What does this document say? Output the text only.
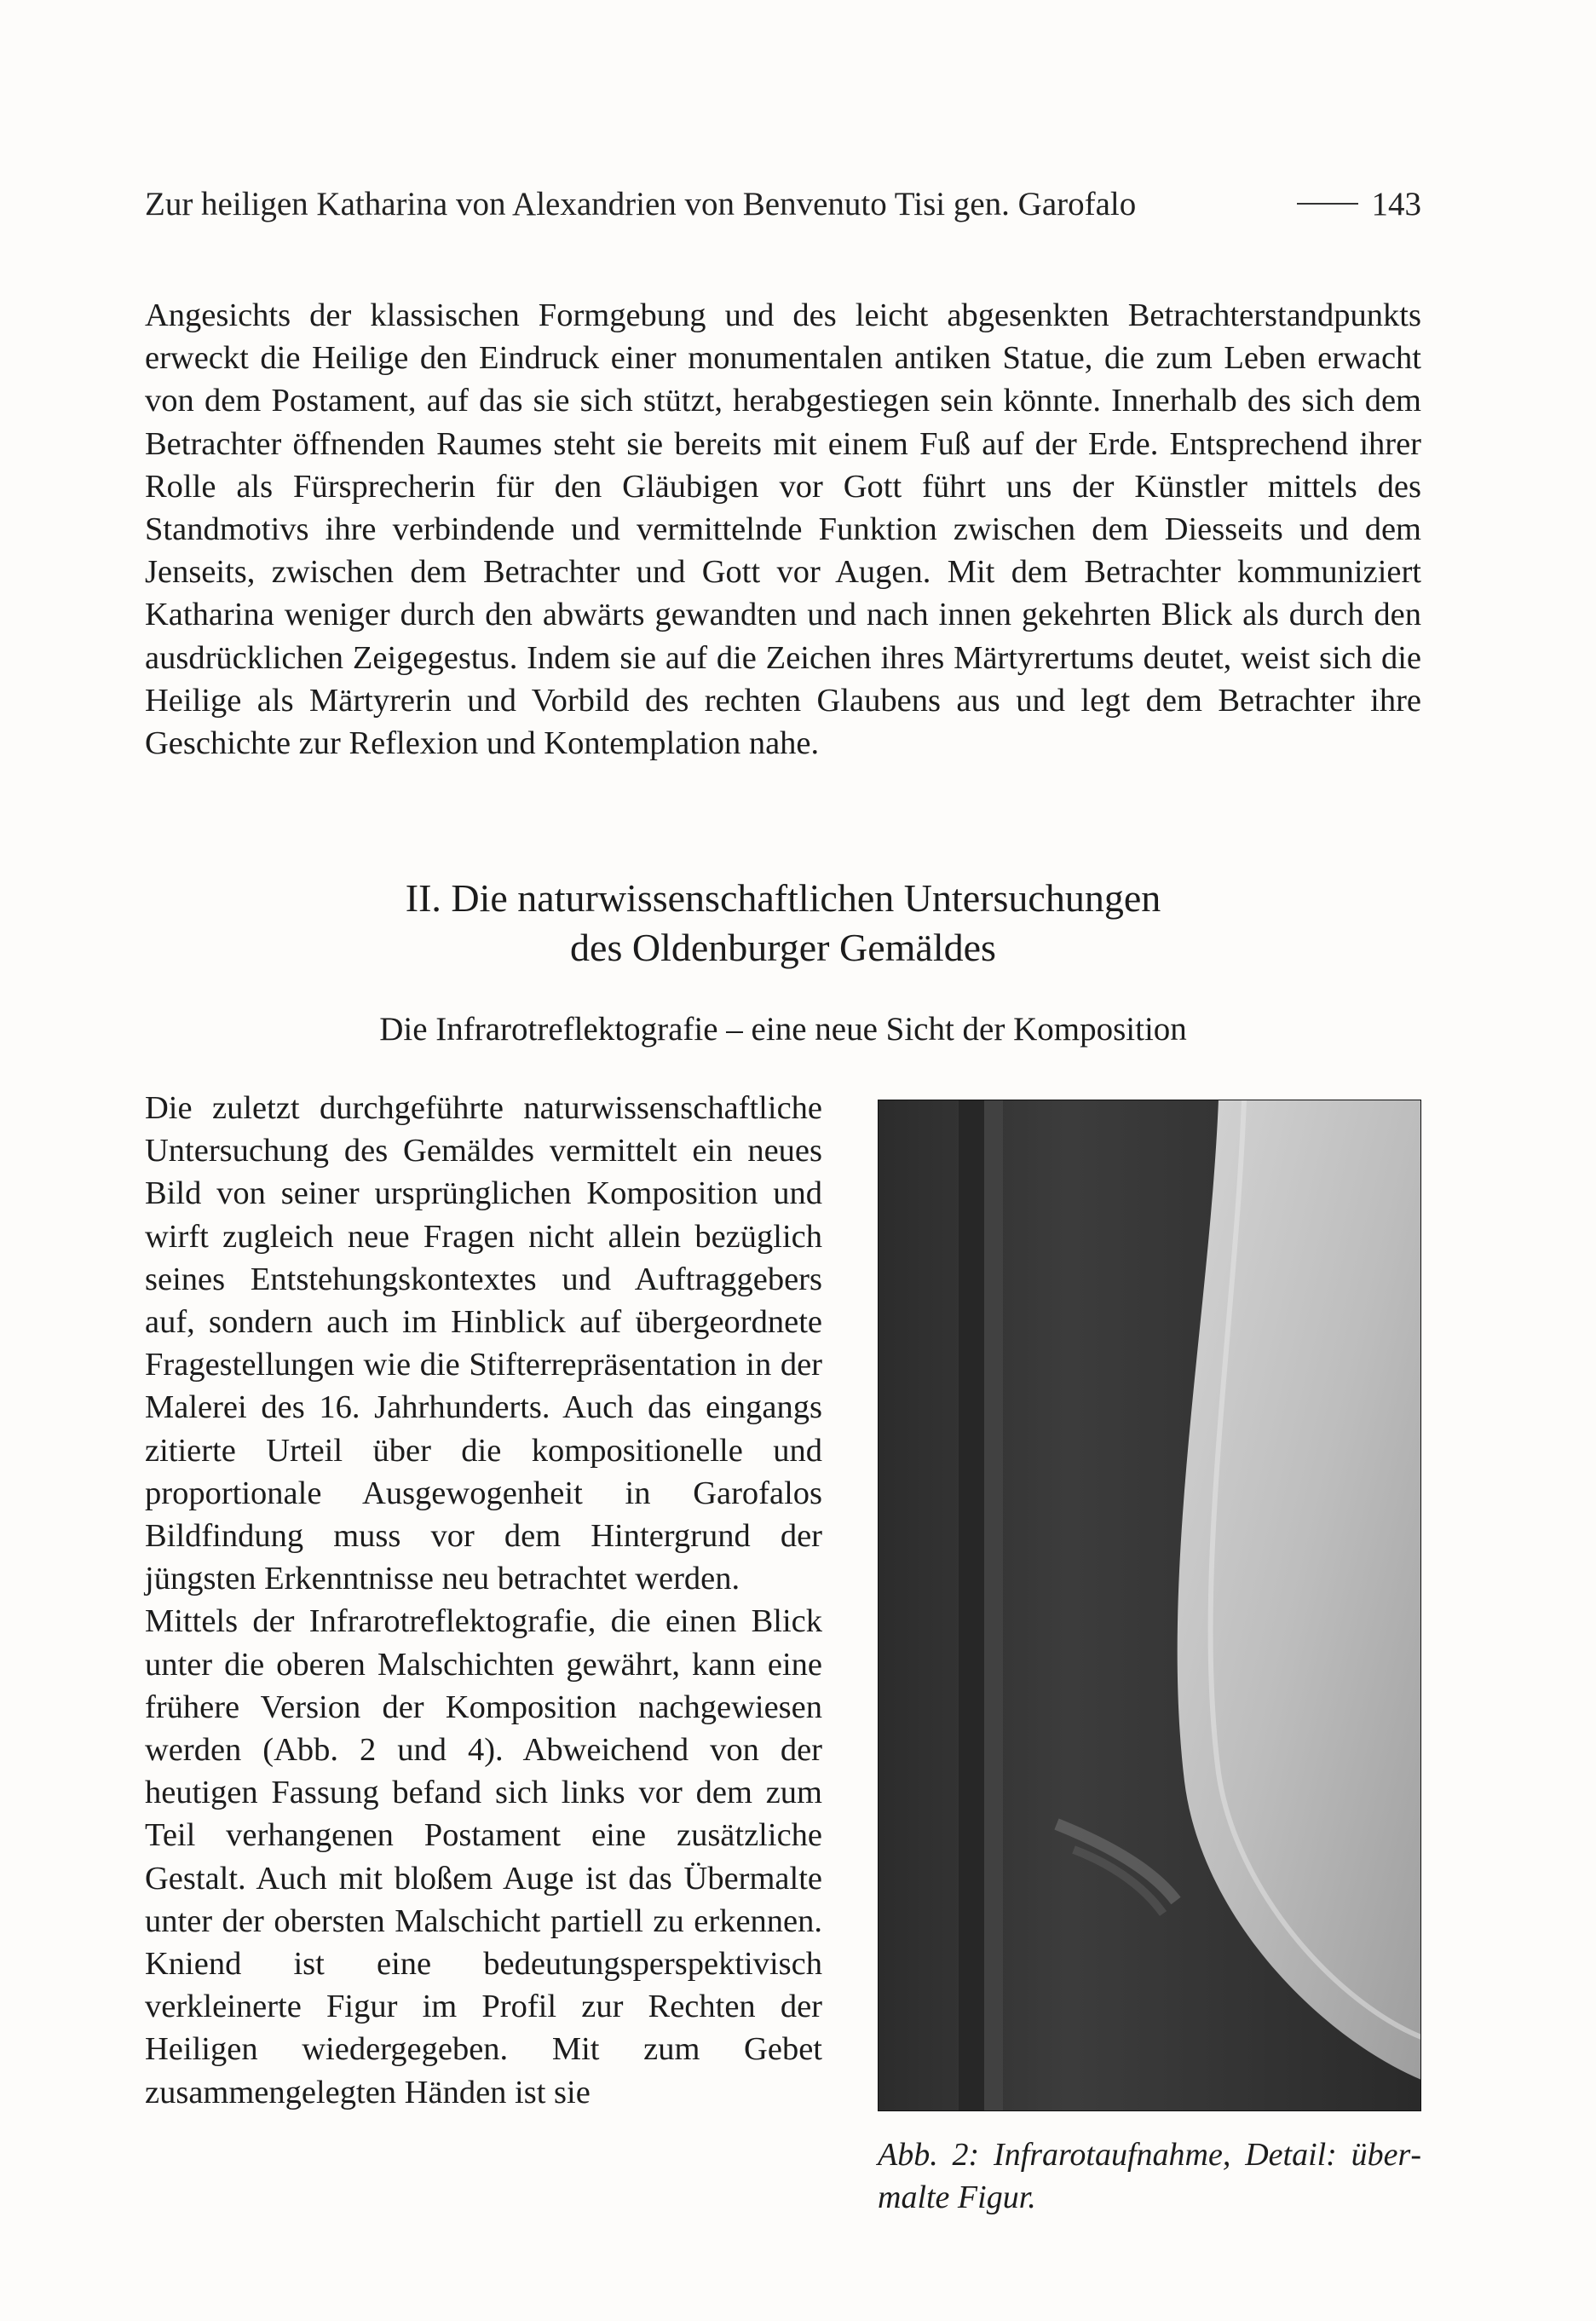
Zur heiligen Katharina von Alexandrien von Benvenuto Tisi gen. Garofalo	143

Angesichts der klassischen Formgebung und des leicht abgesenkten Betrachterstandpunkts erweckt die Heilige den Eindruck einer monumentalen antiken Statue, die zum Leben erwacht von dem Postament, auf das sie sich stützt, herabgestiegen sein könnte. Innerhalb des sich dem Betrachter öffnenden Raumes steht sie bereits mit einem Fuß auf der Erde. Entsprechend ihrer Rolle als Fürsprecherin für den Gläubigen vor Gott führt uns der Künstler mittels des Standmotivs ihre verbindende und vermittelnde Funktion zwischen dem Diesseits und dem Jenseits, zwischen dem Betrachter und Gott vor Augen. Mit dem Betrachter kommuniziert Katharina weniger durch den abwärts gewandten und nach innen gekehrten Blick als durch den ausdrücklichen Zeigegestus. Indem sie auf die Zeichen ihres Märtyrertums deutet, weist sich die Heilige als Märtyrerin und Vorbild des rechten Glaubens aus und legt dem Betrachter ihre Geschichte zur Reflexion und Kontemplation nahe.

II. Die naturwissenschaftlichen Untersuchungen
des Oldenburger Gemäldes
Die Infrarotreflektografie – eine neue Sicht der Komposition

Die zuletzt durchgeführte naturwissenschaftliche Untersuchung des Gemäldes vermittelt ein neues Bild von seiner ursprünglichen Komposition und wirft zugleich neue Fragen nicht allein bezüglich seines Entstehungskontextes und Auftraggebers auf, sondern auch im Hinblick auf übergeordnete Fragestellungen wie die Stifterrepräsentation in der Malerei des 16. Jahrhunderts. Auch das eingangs zitierte Urteil über die kompositionelle und proportionale Ausgewogenheit in Garofalos Bildfindung muss vor dem Hintergrund der jüngsten Erkenntnisse neu betrachtet werden.

Mittels der Infrarotreflektografie, die einen Blick unter die oberen Malschichten gewährt, kann eine frühere Version der Komposition nachgewiesen werden (Abb. 2 und 4). Abweichend von der heutigen Fassung befand sich links vor dem zum Teil verhangenen Postament eine zusätzliche Gestalt. Auch mit bloßem Auge ist das Übermalte unter der obersten Malschicht partiell zu erkennen. Kniend ist eine bedeutungsperspektivisch verkleinerte Figur im Profil zur Rechten der Heiligen wiedergegeben. Mit zum Gebet zusammengelegten Händen ist sie

Abb. 2: Infrarotaufnahme, Detail: übermalte Figur.
